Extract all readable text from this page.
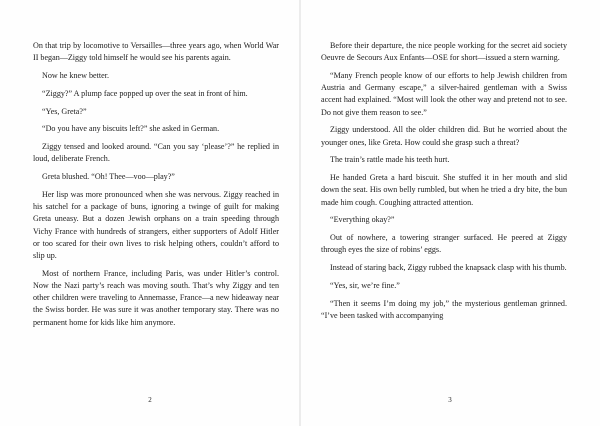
On that trip by locomotive to Versailles—three years ago, when World War II began—Ziggy told himself he would see his parents again.

Now he knew better.

“Ziggy?” A plump face popped up over the seat in front of him.

“Yes, Greta?”

“Do you have any biscuits left?” she asked in German.

Ziggy tensed and looked around. “Can you say ‘please’?” he replied in loud, deliberate French.

Greta blushed. “Oh! Thee—voo—play?”

Her lisp was more pronounced when she was nervous. Ziggy reached in his satchel for a package of buns, ignoring a twinge of guilt for making Greta uneasy. But a dozen Jewish orphans on a train speeding through Vichy France with hundreds of strangers, either supporters of Adolf Hitler or too scared for their own lives to risk helping others, couldn’t afford to slip up.

Most of northern France, including Paris, was under Hitler’s control. Now the Nazi party’s reach was moving south. That’s why Ziggy and ten other children were traveling to Annemasse, France—a new hideaway near the Swiss border. He was sure it was another temporary stay. There was no permanent home for kids like him anymore.

2

Before their departure, the nice people working for the secret aid society Oeuvre de Secours Aux Enfants—OSE for short—issued a stern warning.

“Many French people know of our efforts to help Jewish children from Austria and Germany escape,” a silver-haired gentleman with a Swiss accent had explained. “Most will look the other way and pretend not to see. Do not give them reason to see.”

Ziggy understood. All the older children did. But he worried about the younger ones, like Greta. How could she grasp such a threat?

The train’s rattle made his teeth hurt.

He handed Greta a hard biscuit. She stuffed it in her mouth and slid down the seat. His own belly rumbled, but when he tried a dry bite, the bun made him cough. Coughing attracted attention.

“Everything okay?”

Out of nowhere, a towering stranger surfaced. He peered at Ziggy through eyes the size of robins’ eggs.

Instead of staring back, Ziggy rubbed the knapsack clasp with his thumb.

“Yes, sir, we’re fine.”

“Then it seems I’m doing my job,” the mysterious gentleman grinned. “I’ve been tasked with accompanying

3
